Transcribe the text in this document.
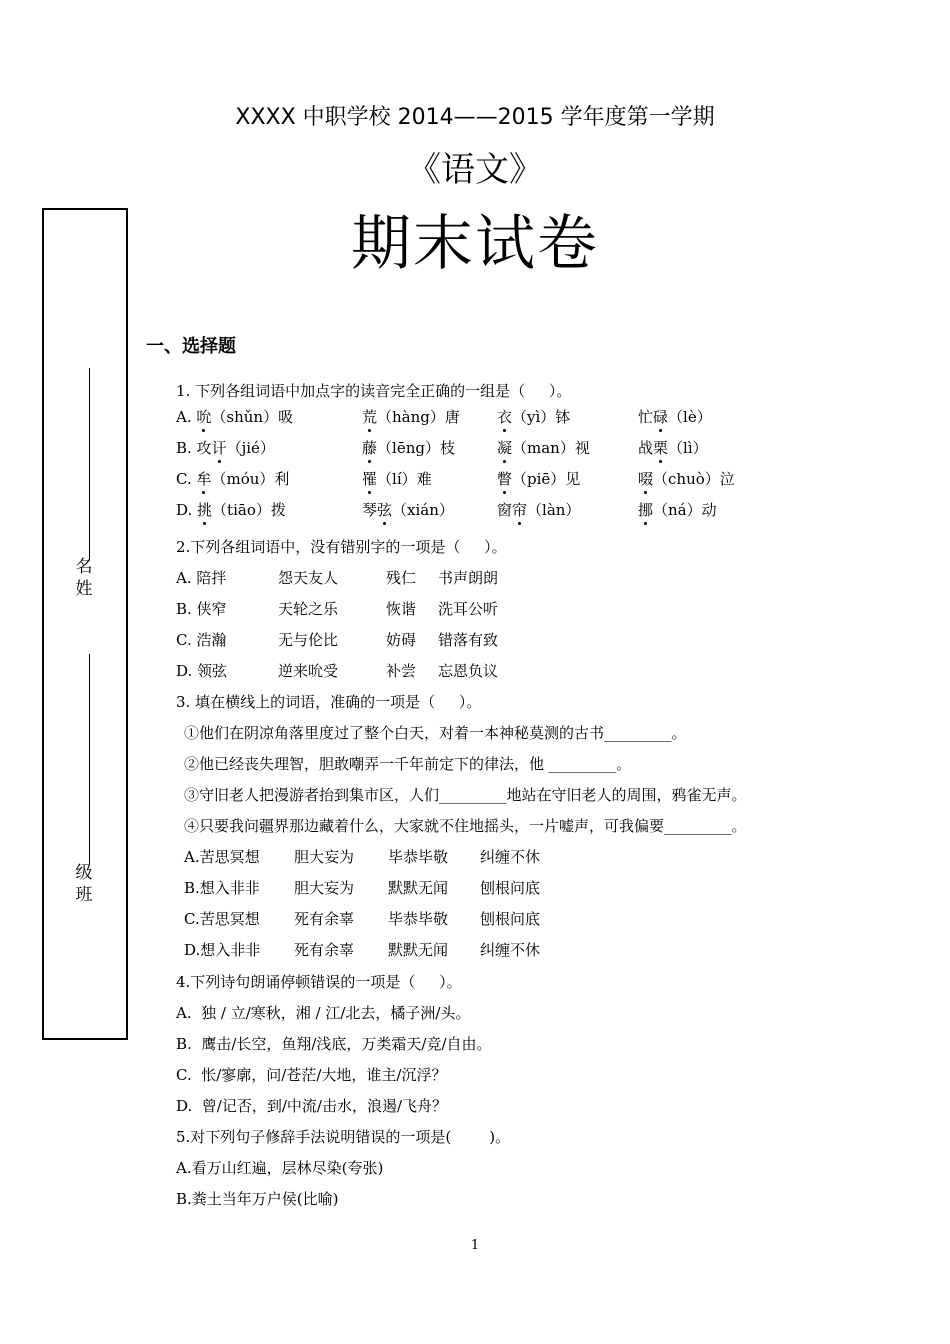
XXXX 中职学校 2014——2015 学年度第一学期
《语文》
期末试卷
名
姓
级
班
一、选择题
1. 下列各组词语中加点字的读音完全正确的一组是（     ）。
A. 吮（shǔn）吸	荒（hàng）唐 衣（yì）钵	忙碌（lè）
B. 攻讦（jié）	藤（lēng）枝	凝（man）视	战栗（lì）
C. 牟（móu）利	罹（lí）难	瞥（piē）见	啜（chuò）泣
D. 挑（tiāo）拨	琴弦（xián）	窗帘（làn）	挪（ná）动
2.下列各组词语中，没有错别字的一项是（     ）。
A. 陪拌	怨天友人	残仁 书声朗朗
B. 侠窄	天轮之乐	恢谐 洗耳公听
C. 浩瀚	无与伦比	妨碍 错落有致
D. 领弦	逆来吮受	补尝 忘恩负议
3. 填在横线上的词语，准确的一项是（     ）。
①他们在阴凉角落里度过了整个白天，对着一本神秘莫测的古书_________。
②他已经丧失理智，胆敢嘲弄一千年前定下的律法，他 _________。
③守旧老人把漫游者抬到集市区，人们_________地站在守旧老人的周围，鸦雀无声。
④只要我问疆界那边藏着什么，大家就不住地摇头，一片嘘声，可我偏要_________。
A.苦思冥想 胆大妄为 毕恭毕敬 纠缠不休
B.想入非非 胆大妄为 默默无闻 刨根问底
C.苦思冥想 死有余辜 毕恭毕敬 刨根问底
D.想入非非 死有余辜 默默无闻 纠缠不休
4.下列诗句朗诵停顿错误的一项是（     ）。
A.  独 / 立/寒秋，湘 / 江/北去，橘子洲/头。
B.  鹰击/长空，鱼翔/浅底，万类霜天/竞/自由。
C.  怅/寥廓，问/苍茫/大地，谁主/沉浮？
D.  曾/记否，到/中流/击水，浪遏/飞舟？
5.对下列句子修辞手法说明错误的一项是(        )。
A.看万山红遍，层林尽染(夸张)
B.粪土当年万户侯(比喻)
1
